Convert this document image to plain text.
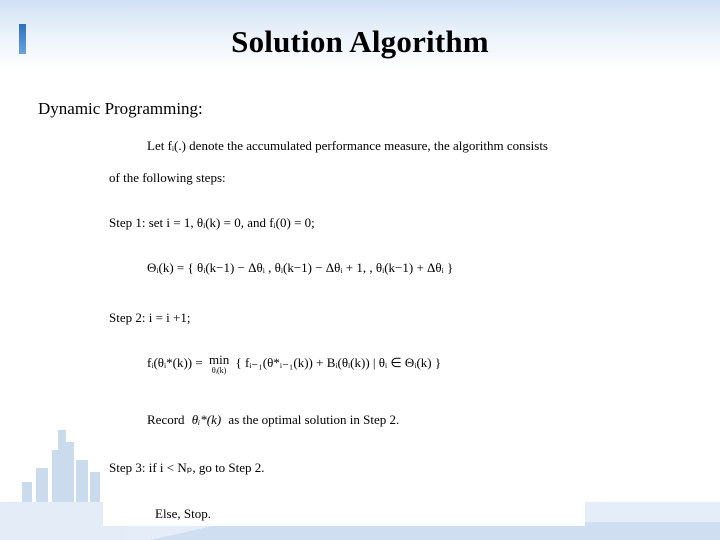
Solution Algorithm
Dynamic Programming:
Let fᵢ(.) denote the accumulated performance measure, the algorithm consists
of the following steps:
Step 1: set i = 1, θᵢ(k) = 0, and fᵢ(0) = 0;
Θᵢ(k) = { θᵢ(k−1) − Δθᵢ , θᵢ(k−1) − Δθᵢ + 1, , θᵢ(k−1) + Δθᵢ }
Step 2: i = i +1;
fᵢ(θᵢ*(k)) = min
θᵢ(k)
{ fᵢ₋₁(θ*ᵢ₋₁(k)) + Bᵢ(θᵢ(k)) | θᵢ ∈ Θᵢ(k) }
Record θᵢ*(k) as the optimal solution in Step 2.
Step 3: if i < Nₚ, go to Step 2.
Else, Stop.
